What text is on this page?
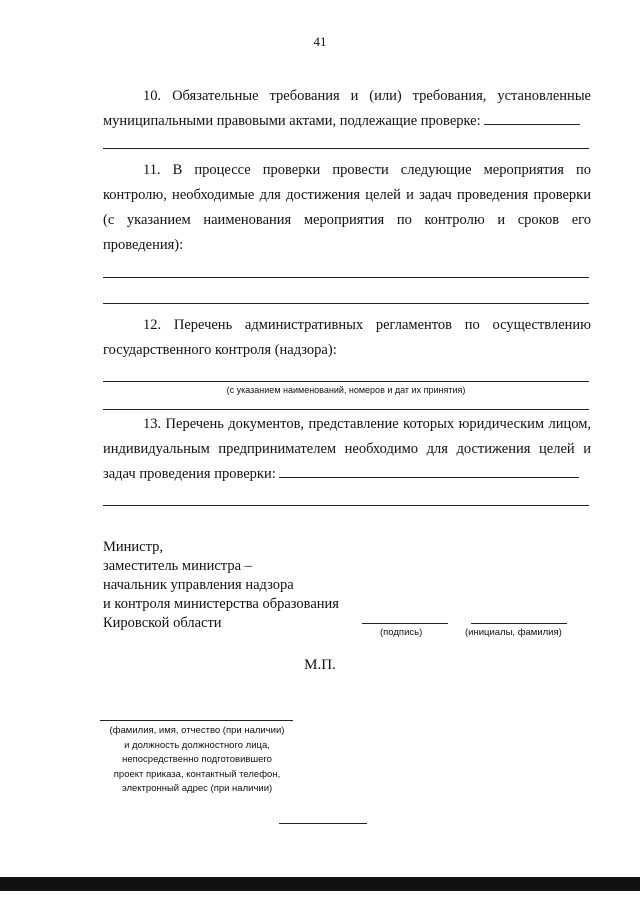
41
10. Обязательные требования и (или) требования, установленные муниципальными правовыми актами, подлежащие проверке:
11. В процессе проверки провести следующие мероприятия по контролю, необходимые для достижения целей и задач проведения проверки (с указанием наименования мероприятия по контролю и сроков его проведения):
12. Перечень административных регламентов по осуществлению государственного контроля (надзора):
(с указанием наименований, номеров и дат их принятия)
13. Перечень документов, представление которых юридическим лицом, индивидуальным предпринимателем необходимо для достижения целей и задач проведения проверки:
Министр,
заместитель министра –
начальник управления надзора
и контроля министерства образования
Кировской области
(подпись)	(инициалы, фамилия)
М.П.
(фамилия, имя, отчество (при наличии)
и должность должностного лица,
непосредственно подготовившего
проект приказа, контактный телефон,
электронный адрес (при наличии)
